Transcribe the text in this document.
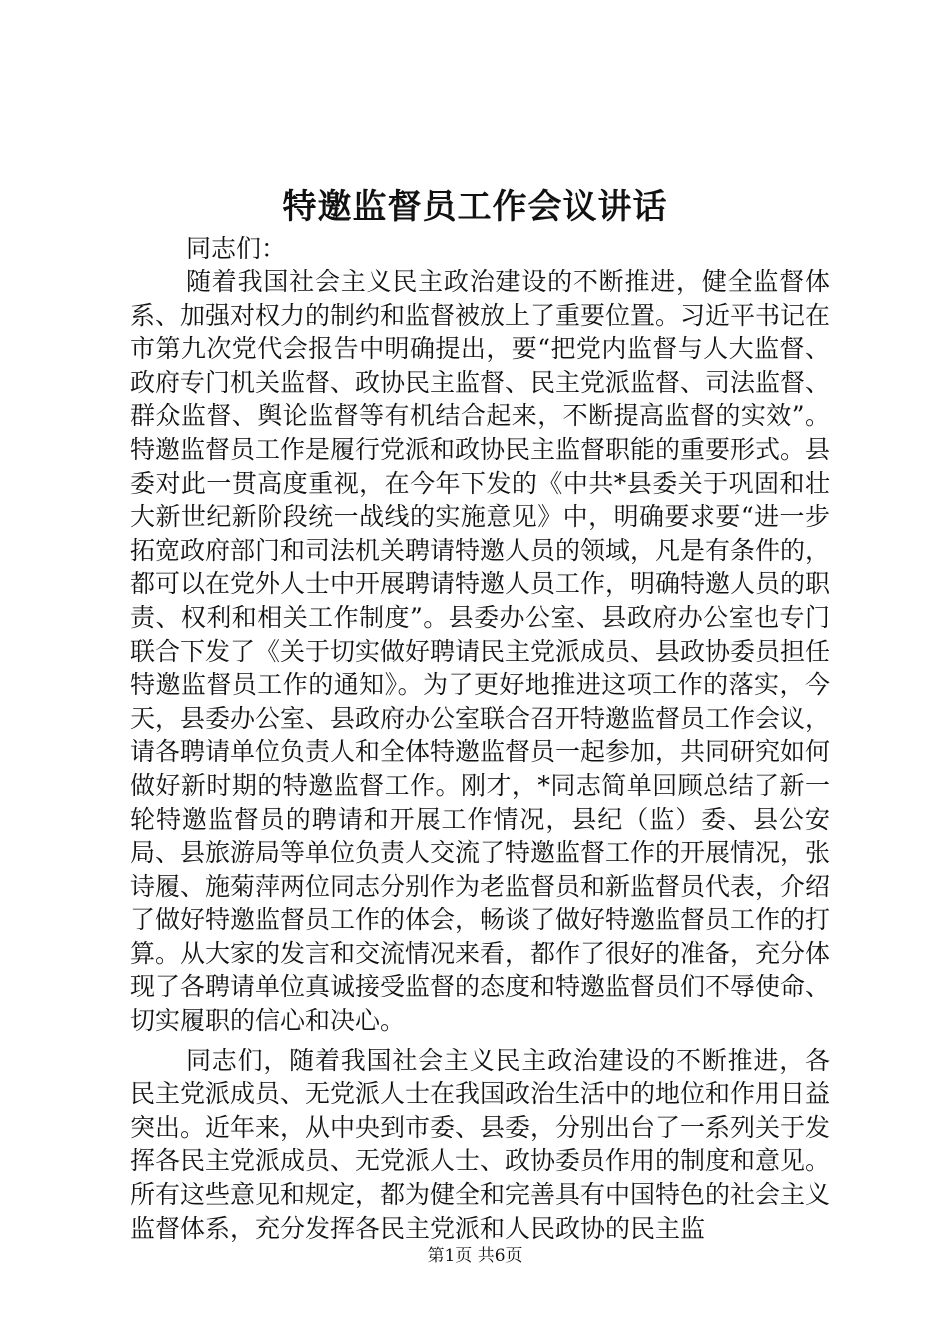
特邀监督员工作会议讲话

同志们：

随着我国社会主义民主政治建设的不断推进，健全监督体系、加强对权力的制约和监督被放上了重要位置。习近平书记在市第九次党代会报告中明确提出，要“把党内监督与人大监督、政府专门机关监督、政协民主监督、民主党派监督、司法监督、群众监督、舆论监督等有机结合起来，不断提高监督的实效”。特邀监督员工作是履行党派和政协民主监督职能的重要形式。县委对此一贯高度重视，在今年下发的《中共*县委关于巩固和壮大新世纪新阶段统一战线的实施意见》中，明确要求要“进一步拓宽政府部门和司法机关聘请特邀人员的领域，凡是有条件的，都可以在党外人士中开展聘请特邀人员工作，明确特邀人员的职责、权利和相关工作制度”。县委办公室、县政府办公室也专门联合下发了《关于切实做好聘请民主党派成员、县政协委员担任特邀监督员工作的通知》。为了更好地推进这项工作的落实，今天，县委办公室、县政府办公室联合召开特邀监督员工作会议，请各聘请单位负责人和全体特邀监督员一起参加，共同研究如何做好新时期的特邀监督工作。刚才，*同志简单回顾总结了新一轮特邀监督员的聘请和开展工作情况，县纪（监）委、县公安局、县旅游局等单位负责人交流了特邀监督工作的开展情况，张诗履、施菊萍两位同志分别作为老监督员和新监督员代表，介绍了做好特邀监督员工作的体会，畅谈了做好特邀监督员工作的打算。从大家的发言和交流情况来看，都作了很好的准备，充分体现了各聘请单位真诚接受监督的态度和特邀监督员们不辱使命、切实履职的信心和决心。

同志们，随着我国社会主义民主政治建设的不断推进，各民主党派成员、无党派人士在我国政治生活中的地位和作用日益突出。近年来，从中央到市委、县委，分别出台了一系列关于发挥各民主党派成员、无党派人士、政协委员作用的制度和意见。所有这些意见和规定，都为健全和完善具有中国特色的社会主义监督体系，充分发挥各民主党派和人民政协的民主监

第1页 共6页
